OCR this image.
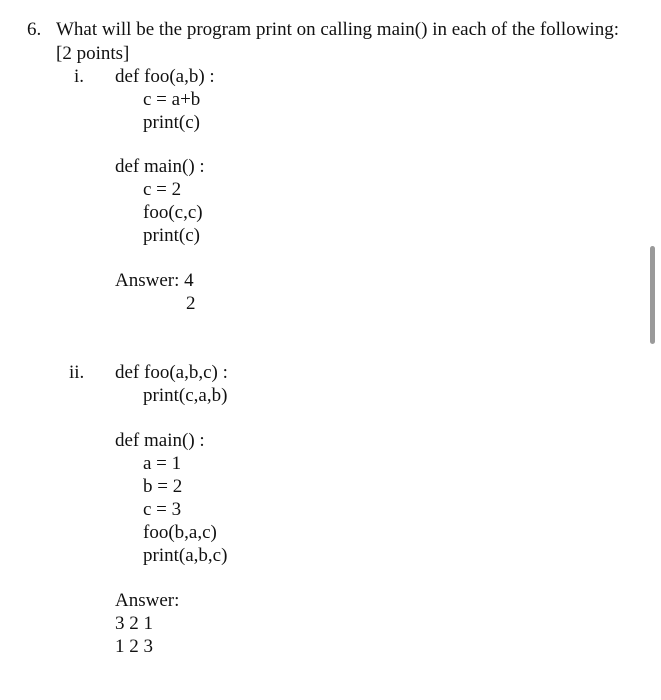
6. What will be the program print on calling main() in each of the following:
[2 points]
i. def foo(a,b) :
c = a+b
print(c)
def main() :
c = 2
foo(c,c)
print(c)
Answer: 4
2
ii. def foo(a,b,c) :
print(c,a,b)
def main() :
a = 1
b = 2
c = 3
foo(b,a,c)
print(a,b,c)
Answer:
3 2 1
1 2 3
